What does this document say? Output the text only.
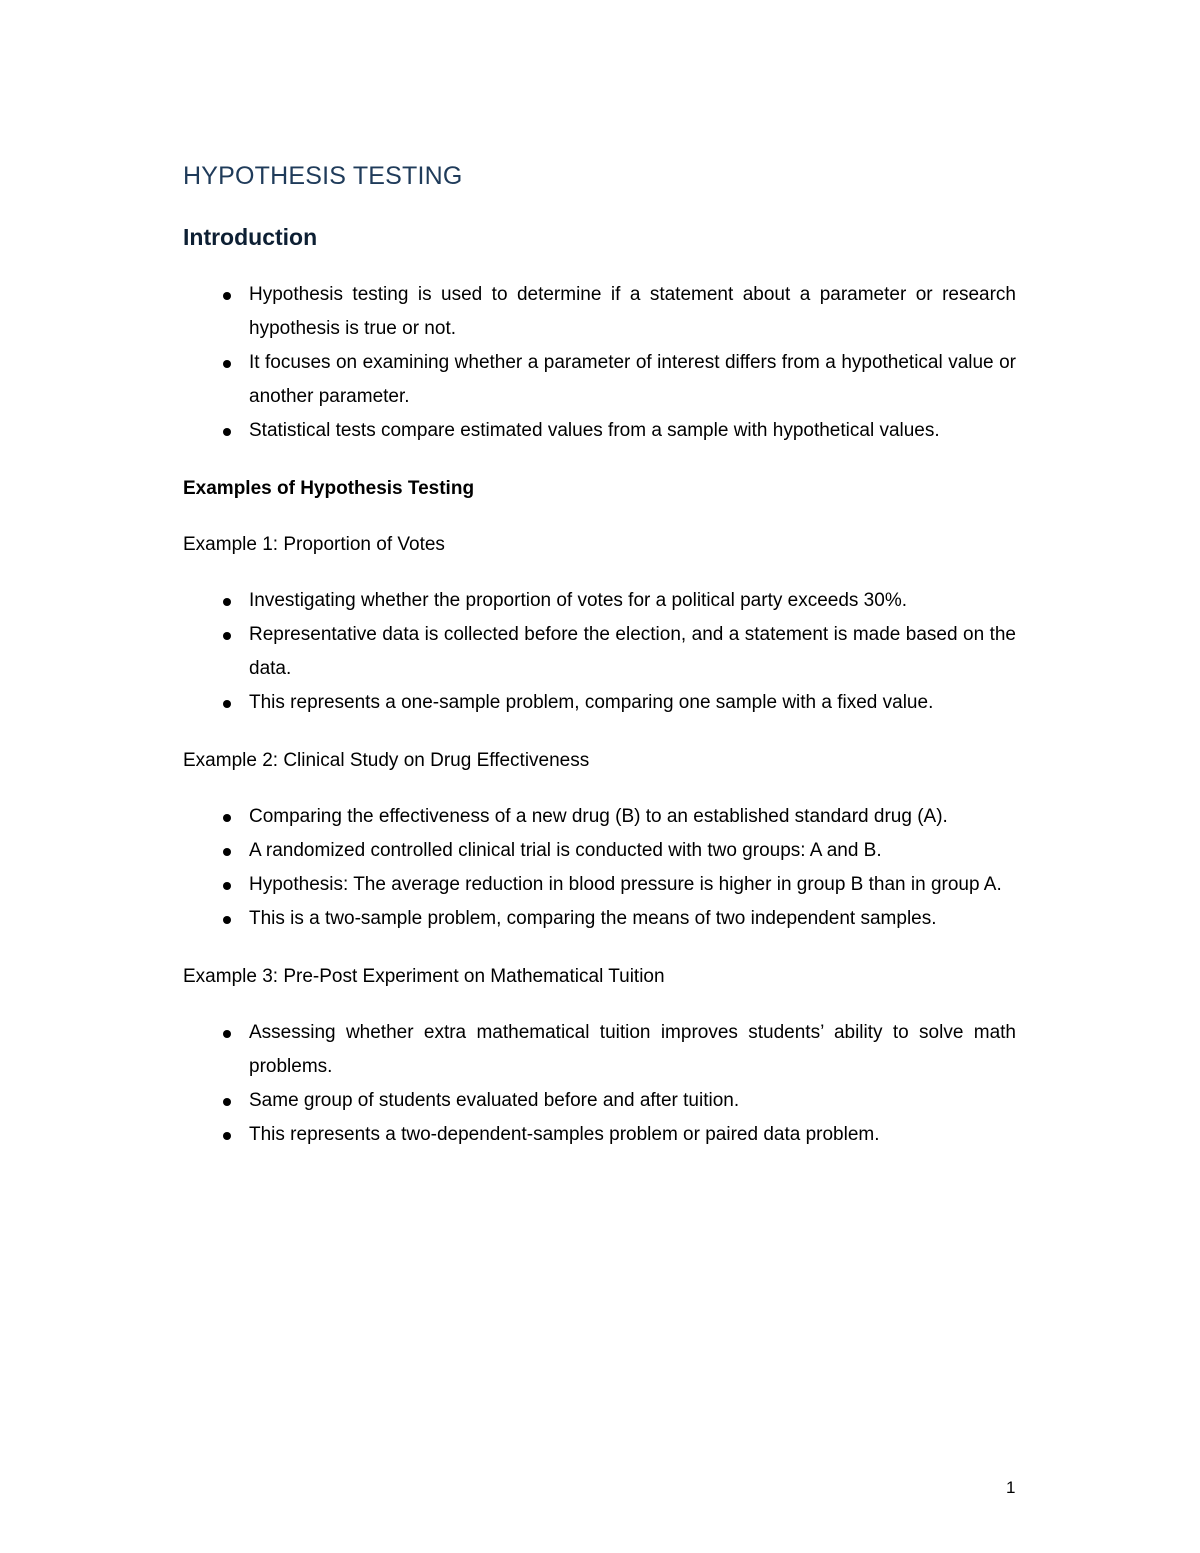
HYPOTHESIS TESTING
Introduction
Hypothesis testing is used to determine if a statement about a parameter or research hypothesis is true or not.
It focuses on examining whether a parameter of interest differs from a hypothetical value or another parameter.
Statistical tests compare estimated values from a sample with hypothetical values.
Examples of Hypothesis Testing
Example 1: Proportion of Votes
Investigating whether the proportion of votes for a political party exceeds 30%.
Representative data is collected before the election, and a statement is made based on the data.
This represents a one-sample problem, comparing one sample with a fixed value.
Example 2: Clinical Study on Drug Effectiveness
Comparing the effectiveness of a new drug (B) to an established standard drug (A).
A randomized controlled clinical trial is conducted with two groups: A and B.
Hypothesis: The average reduction in blood pressure is higher in group B than in group A.
This is a two-sample problem, comparing the means of two independent samples.
Example 3: Pre-Post Experiment on Mathematical Tuition
Assessing whether extra mathematical tuition improves students’ ability to solve math problems.
Same group of students evaluated before and after tuition.
This represents a two-dependent-samples problem or paired data problem.
1
